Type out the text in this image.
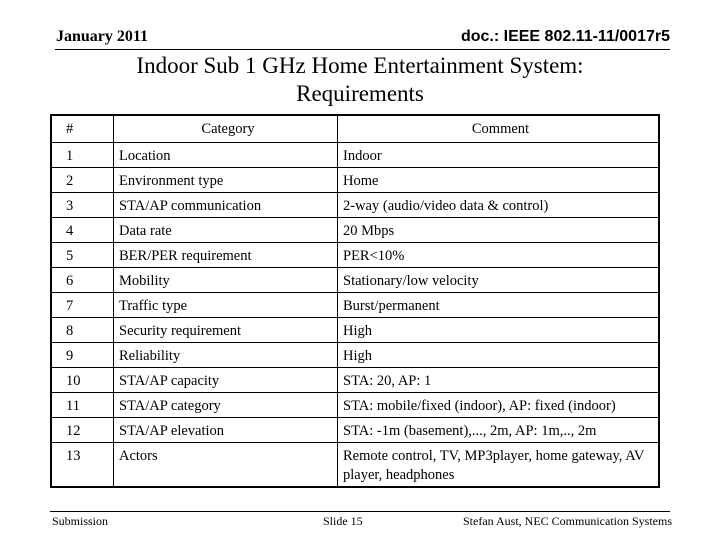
January 2011	doc.: IEEE 802.11-11/0017r5
Indoor Sub 1 GHz Home Entertainment System:
Requirements
#	Category	Comment
1	Location	Indoor
2	Environment type	Home
3	STA/AP communication	2-way (audio/video data & control)
4	Data rate	20 Mbps
5	BER/PER requirement	PER<10%
6	Mobility	Stationary/low velocity
7	Traffic type	Burst/permanent
8	Security requirement	High
9	Reliability	High
10	STA/AP capacity	STA: 20, AP: 1
11	STA/AP category	STA: mobile/fixed (indoor), AP: fixed (indoor)
12	STA/AP elevation	STA: -1m (basement),..., 2m, AP: 1m,.., 2m
13	Actors	Remote control, TV, MP3player, home gateway, AV player, headphones
Submission	Slide 15	Stefan Aust, NEC Communication Systems
